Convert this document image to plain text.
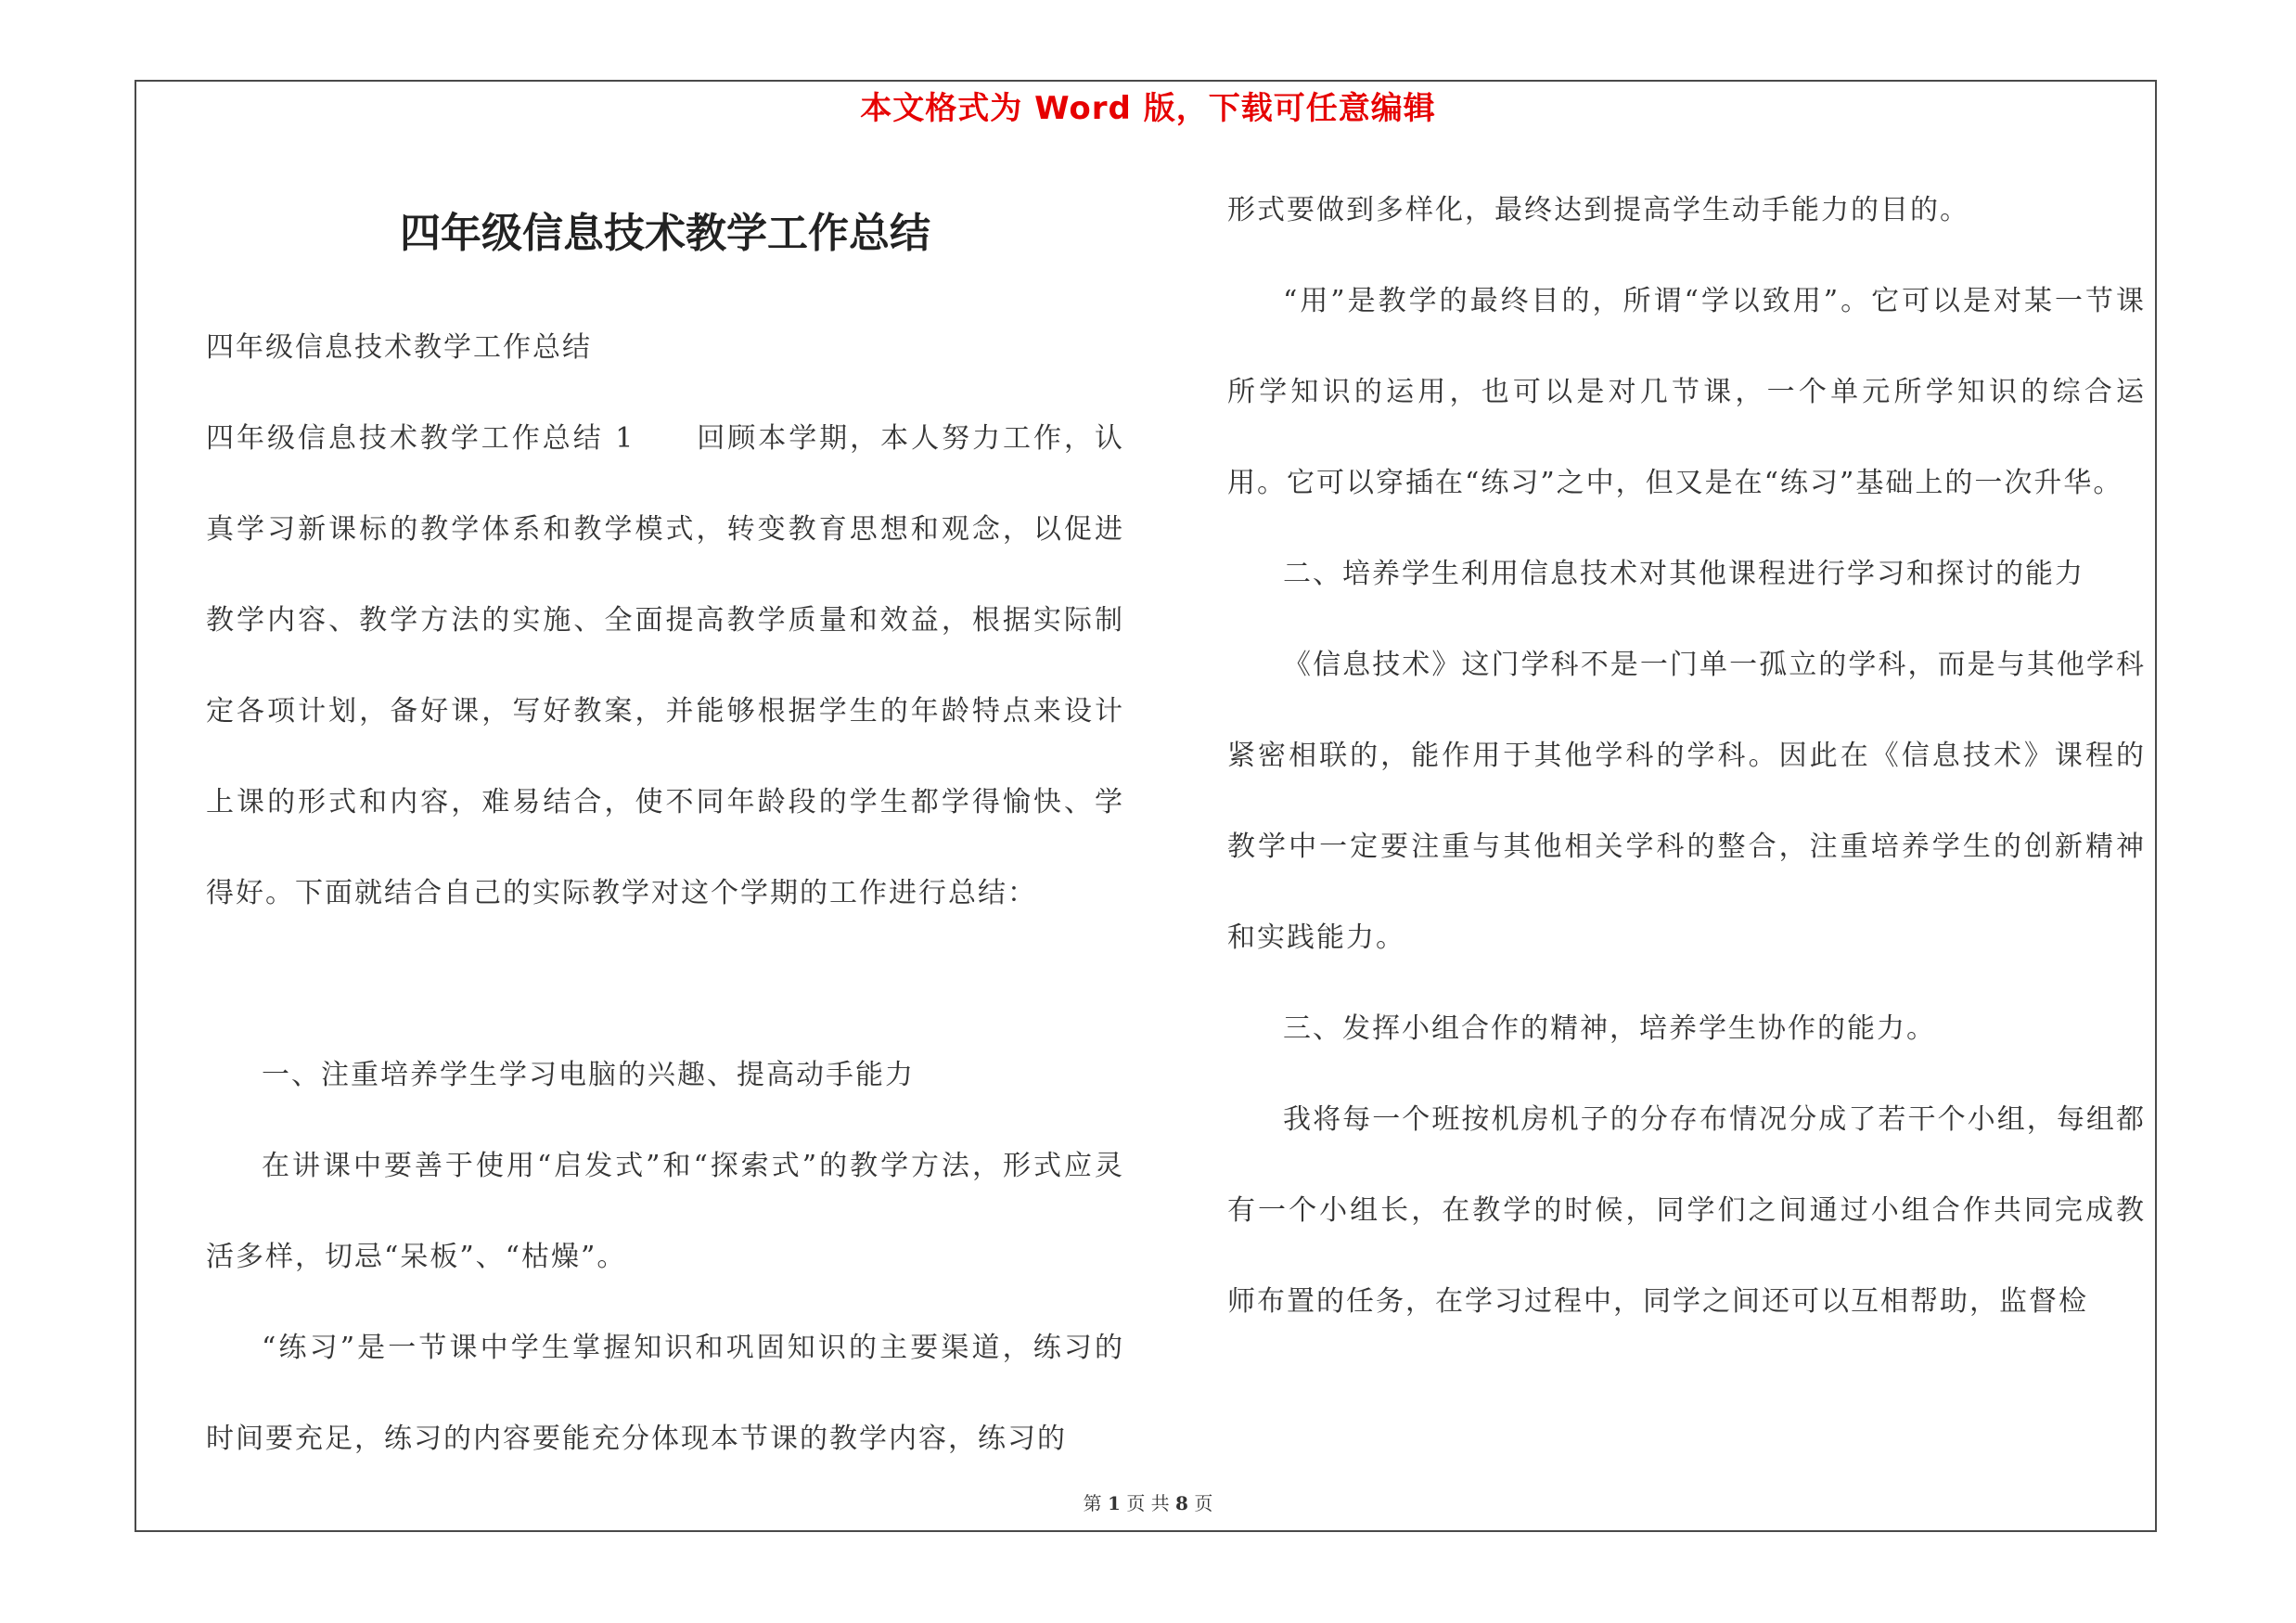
本文格式为 Word 版，下载可任意编辑
四年级信息技术教学工作总结

四年级信息技术教学工作总结

四年级信息技术教学工作总结 1　　回顾本学期，本人努力工作，认真学习新课标的教学体系和教学模式，转变教育思想和观念，以促进教学内容、教学方法的实施、全面提高教学质量和效益，根据实际制定各项计划，备好课，写好教案，并能够根据学生的年龄特点来设计上课的形式和内容，难易结合，使不同年龄段的学生都学得愉快、学得好。下面就结合自己的实际教学对这个学期的工作进行总结：

一、注重培养学生学习电脑的兴趣、提高动手能力

在讲课中要善于使用“启发式”和“探索式”的教学方法，形式应灵活多样，切忌“呆板”、“枯燥”。

“练习”是一节课中学生掌握知识和巩固知识的主要渠道，练习的时间要充足，练习的内容要能充分体现本节课的教学内容，练习的

形式要做到多样化，最终达到提高学生动手能力的目的。

“用”是教学的最终目的，所谓“学以致用”。它可以是对某一节课所学知识的运用，也可以是对几节课，一个单元所学知识的综合运用。它可以穿插在“练习”之中，但又是在“练习”基础上的一次升华。

二、培养学生利用信息技术对其他课程进行学习和探讨的能力

《信息技术》这门学科不是一门单一孤立的学科，而是与其他学科紧密相联的，能作用于其他学科的学科。因此在《信息技术》课程的教学中一定要注重与其他相关学科的整合，注重培养学生的创新精神和实践能力。

三、发挥小组合作的精神，培养学生协作的能力。

我将每一个班按机房机子的分存布情况分成了若干个小组，每组都有一个小组长，在教学的时候，同学们之间通过小组合作共同完成教师布置的任务，在学习过程中，同学之间还可以互相帮助，监督检

第 1 页 共 8 页
